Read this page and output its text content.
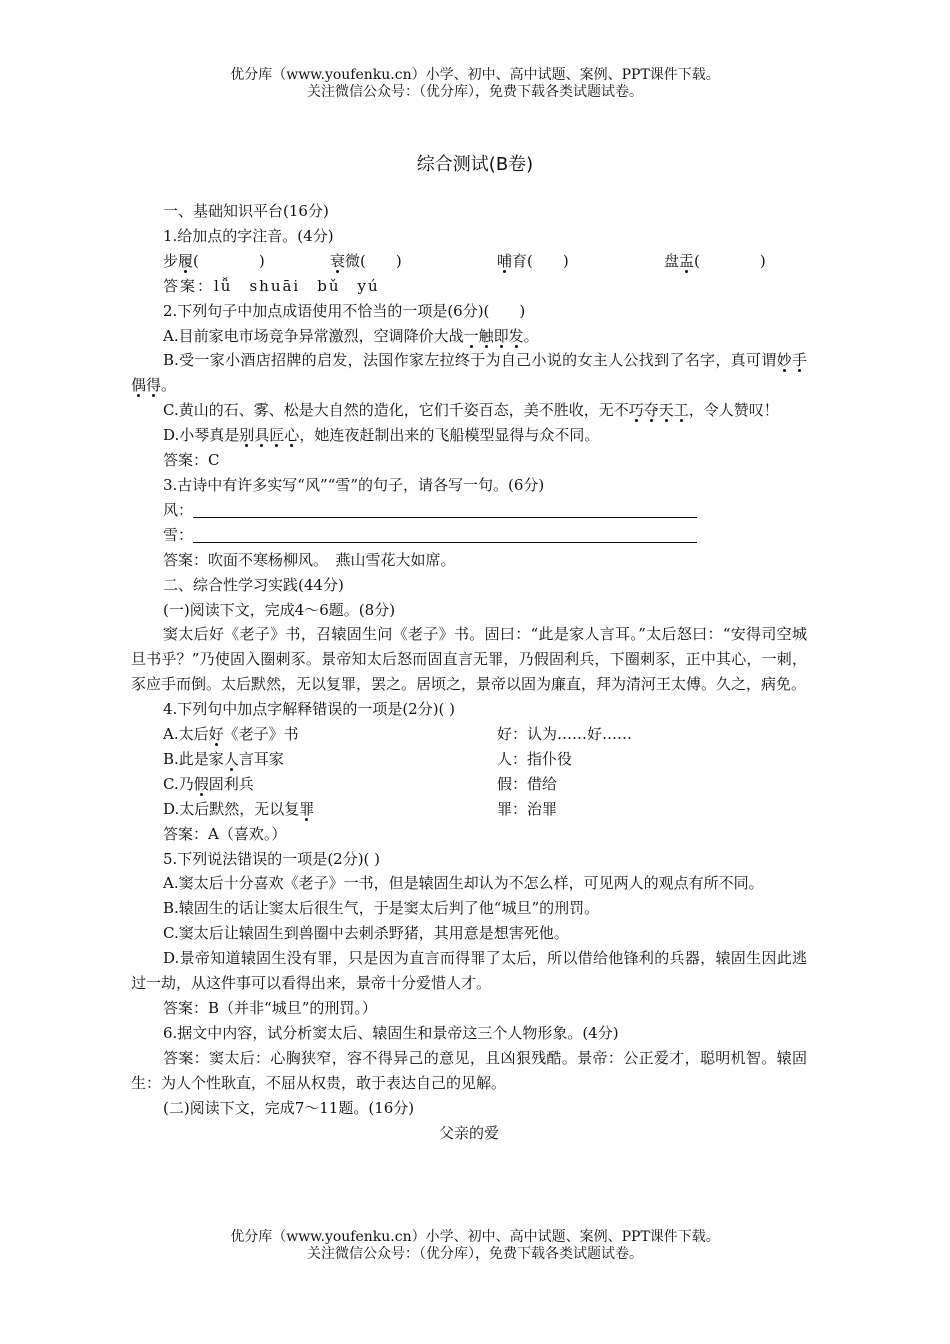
优分库（www.youfenku.cn）小学、初中、高中试题、案例、PPT课件下载。
关注微信公众号：（优分库），免费下载各类试题试卷。
综合测试(B卷)

一、基础知识平台(16分)

1.给加点的字注音。(4分)

步履(　　　　)	衰微(　　)	哺育(　　)	盘盂(　　　　)

答案：lǚ　shuāi　bǔ　yú

2.下列句子中加点成语使用不恰当的一项是(6分)(　　)

A.目前家电市场竞争异常激烈，空调降价大战一触即发。

B.受一家小酒店招牌的启发，法国作家左拉终于为自己小说的女主人公找到了名字，真可谓妙手偶得。

C.黄山的石、雾、松是大自然的造化，它们千姿百态，美不胜收，无不巧夺天工，令人赞叹！

D.小琴真是别具匠心，她连夜赶制出来的飞船模型显得与众不同。

答案：C

3.古诗中有许多实写“风”“雪”的句子，请各写一句。(6分)

风：
雪：

答案：吹面不寒杨柳风。　燕山雪花大如席。

二、综合性学习实践(44分)

(一)阅读下文，完成4～6题。(8分)

窦太后好《老子》书，召辕固生问《老子》书。固曰：“此是家人言耳。”太后怒曰：“安得司空城旦书乎？”乃使固入圈刺豕。景帝知太后怒而固直言无罪，乃假固利兵，下圈刺豕，正中其心，一刺，豕应手而倒。太后默然，无以复罪，罢之。居顷之，景帝以固为廉直，拜为清河王太傅。久之，病免。

4.下列句中加点字解释错误的一项是(2分)( )

A.太后好《老子》书	好：认为……好……
B.此是家人言耳家	人：指仆役
C.乃假固利兵	假：借给
D.太后默然，无以复罪	罪：治罪

答案：A（喜欢。）

5.下列说法错误的一项是(2分)( )

A.窦太后十分喜欢《老子》一书，但是辕固生却认为不怎么样，可见两人的观点有所不同。

B.辕固生的话让窦太后很生气，于是窦太后判了他“城旦”的刑罚。

C.窦太后让辕固生到兽圈中去刺杀野猪，其用意是想害死他。

D.景帝知道辕固生没有罪，只是因为直言而得罪了太后，所以借给他锋利的兵器，辕固生因此逃过一劫，从这件事可以看得出来，景帝十分爱惜人才。

答案：B（并非“城旦”的刑罚。）

6.据文中内容，试分析窦太后、辕固生和景帝这三个人物形象。(4分)

答案：窦太后：心胸狭窄，容不得异己的意见，且凶狠残酷。景帝：公正爱才，聪明机智。辕固生：为人个性耿直，不屈从权贵，敢于表达自己的见解。

(二)阅读下文，完成7～11题。(16分)

父亲的爱

优分库（www.youfenku.cn）小学、初中、高中试题、案例、PPT课件下载。
关注微信公众号：（优分库），免费下载各类试题试卷。
